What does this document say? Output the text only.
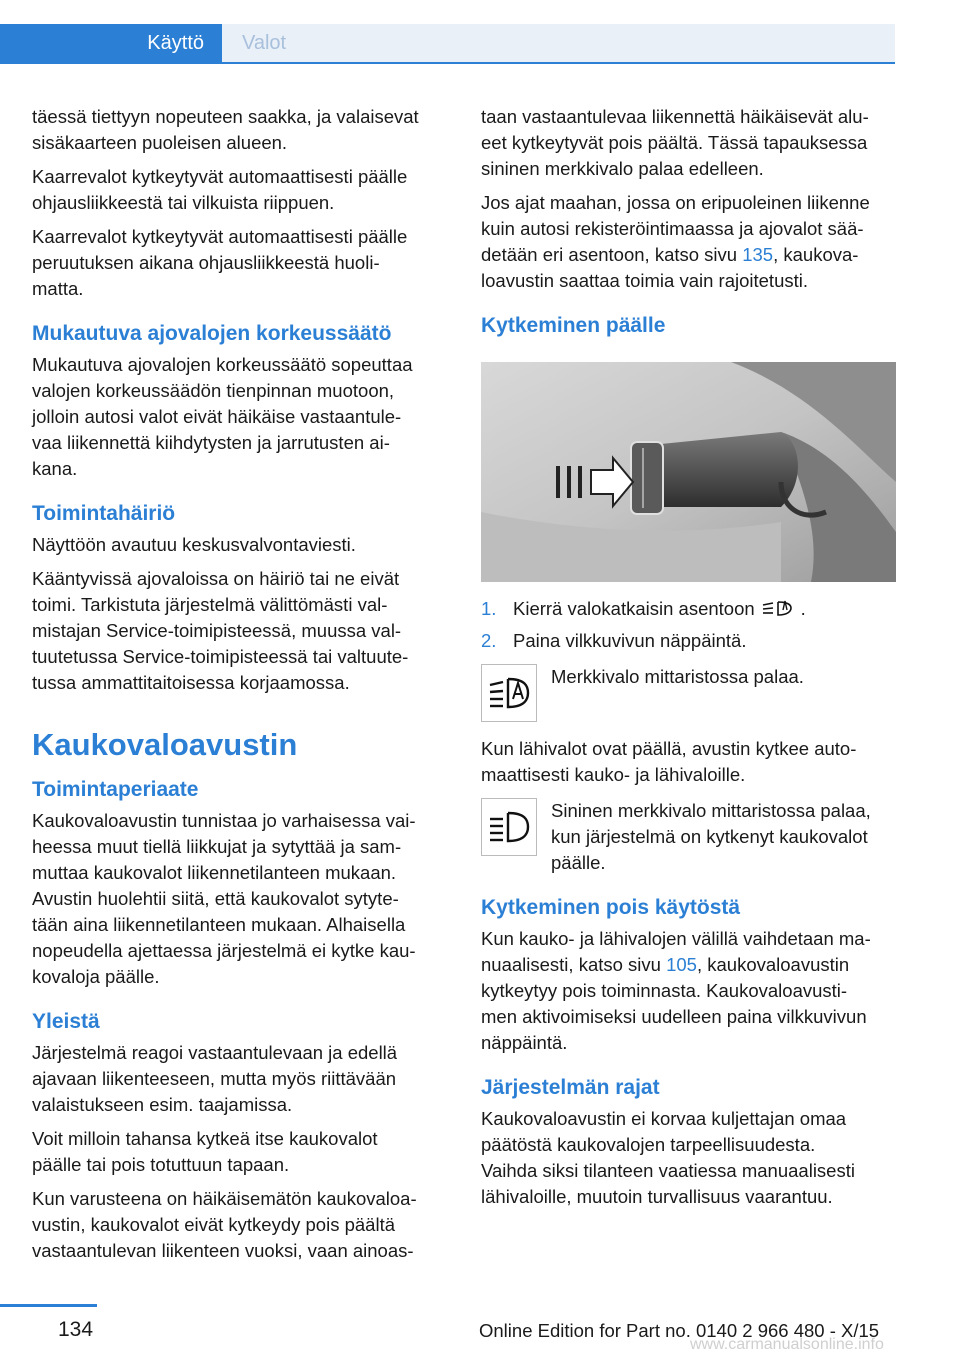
Käyttö Valot

täessä tiettyyn nopeuteen saakka, ja valaisevat
sisäkaarteen puoleisen alueen.

Kaarrevalot kytkeytyvät automaattisesti päälle
ohjausliikkeestä tai vilkuista riippuen.

Kaarrevalot kytkeytyvät automaattisesti päälle
peruutuksen aikana ohjausliikkeestä huoli-
matta.

Mukautuva ajovalojen korkeussäätö

Mukautuva ajovalojen korkeussäätö sopeuttaa
valojen korkeussäädön tienpinnan muotoon,
jolloin autosi valot eivät häikäise vastaantule-
vaa liikennettä kiihdytysten ja jarrutusten ai-
kana.

Toimintahäiriö

Näyttöön avautuu keskusvalvontaviesti.

Kääntyvissä ajovaloissa on häiriö tai ne eivät
toimi. Tarkistuta järjestelmä välittömästi val-
mistajan Service-toimipisteessä, muussa val-
tuutetussa Service-toimipisteessä tai valtuute-
tussa ammattitaitoisessa korjaamossa.

Kaukovaloavustin
Toimintaperiaate

Kaukovaloavustin tunnistaa jo varhaisessa vai-
heessa muut tiellä liikkujat ja sytyttää ja sam-
muttaa kaukovalot liikennetilanteen mukaan.
Avustin huolehtii siitä, että kaukovalot sytyte-
tään aina liikennetilanteen mukaan. Alhaisella
nopeudella ajettaessa järjestelmä ei kytke kau-
kovaloja päälle.

Yleistä

Järjestelmä reagoi vastaantulevaan ja edellä
ajavaan liikenteeseen, mutta myös riittävään
valaistukseen esim. taajamissa.

Voit milloin tahansa kytkeä itse kaukovalot
päälle tai pois totuttuun tapaan.

Kun varusteena on häikäisemätön kaukovaloa-
vustin, kaukovalot eivät kytkeydy pois päältä
vastaantulevan liikenteen vuoksi, vaan ainoas-

taan vastaantulevaa liikennettä häikäisevät alu-
eet kytkeytyvät pois päältä. Tässä tapauksessa
sininen merkkivalo palaa edelleen.

Jos ajat maahan, jossa on eripuoleinen liikenne
kuin autosi rekisteröintimaassa ja ajovalot sää-
detään eri asentoon, katso sivu 135, kaukova-
loavustin saattaa toimia vain rajoitetusti.

Kytkeminen päälle
1. Kierrä valokatkaisin asentoon .
2. Paina vilkkuvivun näppäintä.
Merkkivalo mittaristossa palaa.

Kun lähivalot ovat päällä, avustin kytkee auto-
maattisesti kauko- ja lähivaloille.

Sininen merkkivalo mittaristossa palaa,
kun järjestelmä on kytkenyt kaukovalot
päälle.
Kytkeminen pois käytöstä

Kun kauko- ja lähivalojen välillä vaihdetaan ma-
nuaalisesti, katso sivu 105, kaukovaloavustin
kytkeytyy pois toiminnasta. Kaukovaloavusti-
men aktivoimiseksi uudelleen paina vilkkuvivun
näppäintä.

Järjestelmän rajat

Kaukovaloavustin ei korvaa kuljettajan omaa
päätöstä kaukovalojen tarpeellisuudesta.
Vaihda siksi tilanteen vaatiessa manuaalisesti
lähivaloille, muutoin turvallisuus vaarantuu.

134	Online Edition for Part no. 0140 2 966 480 - X/15
www.carmanualsonline.info
